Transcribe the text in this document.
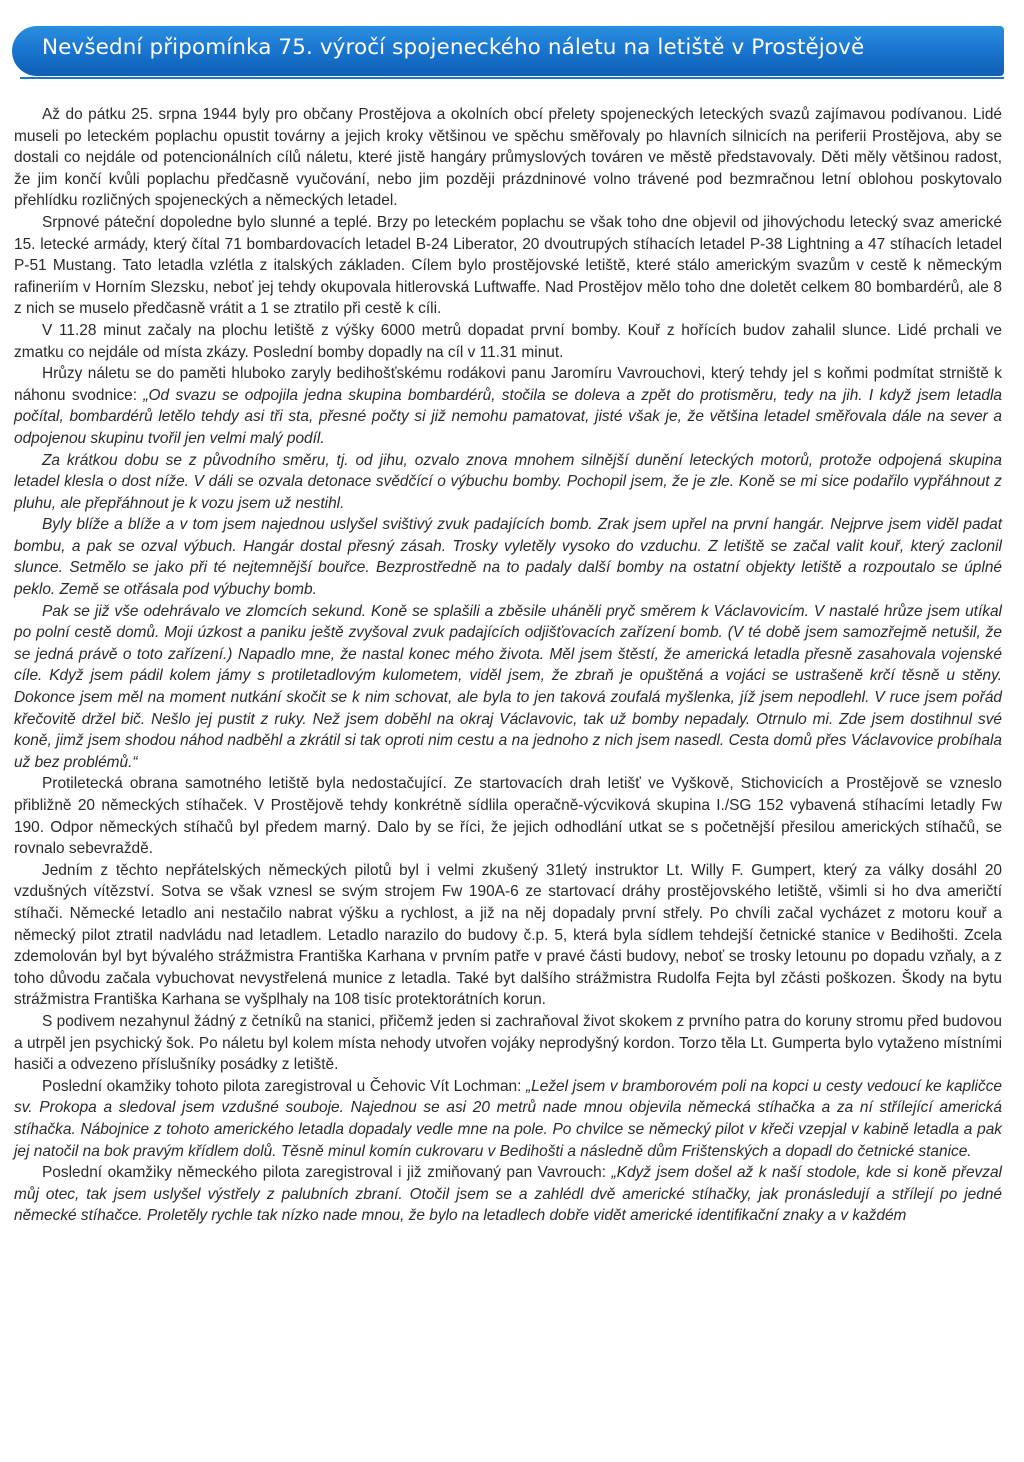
Nevšední připomínka 75. výročí spojeneckého náletu na letiště v Prostějově

Až do pátku 25. srpna 1944 byly pro občany Prostějova a okolních obcí přelety spojeneckých leteckých svazů zajímavou podívanou. Lidé museli po leteckém poplachu opustit továrny a jejich kroky většinou ve spěchu směřovaly po hlavních silnicích na periferii Prostějova, aby se dostali co nejdále od potencionálních cílů náletu, které jistě hangáry průmyslových továren ve městě představovaly. Děti měly většinou radost, že jim končí kvůli poplachu předčasně vyučování, nebo jim později prázdninové volno trávené pod bezmračnou letní oblohou poskytovalo přehlídku rozličných spojeneckých a německých letadel.

Srpnové páteční dopoledne bylo slunné a teplé. Brzy po leteckém poplachu se však toho dne objevil od jihovýchodu letecký svaz americké 15. letecké armády, který čítal 71 bombardovacích letadel B-24 Liberator, 20 dvoutrupých stíhacích letadel P-38 Lightning a 47 stíhacích letadel P-51 Mustang. Tato letadla vzlétla z italských základen. Cílem bylo prostějovské letiště, které stálo americkým svazům v cestě k německým rafineriím v Horním Slezsku, neboť jej tehdy okupovala hitlerovská Luftwaffe. Nad Prostějov mělo toho dne doletět celkem 80 bombardérů, ale 8 z nich se muselo předčasně vrátit a 1 se ztratilo při cestě k cíli.

V 11.28 minut začaly na plochu letiště z výšky 6000 metrů dopadat první bomby. Kouř z hořících budov zahalil slunce. Lidé prchali ve zmatku co nejdále od místa zkázy. Poslední bomby dopadly na cíl v 11.31 minut.

Hrůzy náletu se do paměti hluboko zaryly bedihošťskému rodákovi panu Jaromíru Vavrouchovi, který tehdy jel s koňmi podmítat strniště k náhonu svodnice: „Od svazu se odpojila jedna skupina bombardérů, stočila se doleva a zpět do protisměru, tedy na jih. I když jsem letadla počítal, bombardérů letělo tehdy asi tři sta, přesné počty si již nemohu pamatovat, jisté však je, že většina letadel směřovala dále na sever a odpojenou skupinu tvořil jen velmi malý podíl.

Za krátkou dobu se z původního směru, tj. od jihu, ozvalo znova mnohem silnější dunění leteckých motorů, protože odpojená skupina letadel klesla o dost níže. V dáli se ozvala detonace svědčící o výbuchu bomby. Pochopil jsem, že je zle. Koně se mi sice podařilo vypřáhnout z pluhu, ale přepřáhnout je k vozu jsem už nestihl.

Byly blíže a blíže a v tom jsem najednou uslyšel svištivý zvuk padajících bomb. Zrak jsem upřel na první hangár. Nejprve jsem viděl padat bombu, a pak se ozval výbuch. Hangár dostal přesný zásah. Trosky vyletěly vysoko do vzduchu. Z letiště se začal valit kouř, který zaclonil slunce. Setmělo se jako při té nejtemnější bouřce. Bezprostředně na to padaly další bomby na ostatní objekty letiště a rozpoutalo se úplné peklo. Země se otřásala pod výbuchy bomb.

Pak se již vše odehrávalo ve zlomcích sekund. Koně se splašili a zběsile uháněli pryč směrem k Václavovicím. V nastalé hrůze jsem utíkal po polní cestě domů. Moji úzkost a paniku ještě zvyšoval zvuk padajících odjišťovacích zařízení bomb. (V té době jsem samozřejmě netušil, že se jedná právě o toto zařízení.) Napadlo mne, že nastal konec mého života. Měl jsem štěstí, že americká letadla přesně zasahovala vojenské cíle. Když jsem pádil kolem jámy s protiletadlovým kulometem, viděl jsem, že zbraň je opuštěná a vojáci se ustrašeně krčí těsně u stěny. Dokonce jsem měl na moment nutkání skočit se k nim schovat, ale byla to jen taková zoufalá myšlenka, jíž jsem nepodlehl. V ruce jsem pořád křečovitě držel bič. Nešlo jej pustit z ruky. Než jsem doběhl na okraj Václavovic, tak už bomby nepadaly. Otrnulo mi. Zde jsem dostihnul své koně, jimž jsem shodou náhod nadběhl a zkrátil si tak oproti nim cestu a na jednoho z nich jsem nasedl. Cesta domů přes Václavovice probíhala už bez problémů.“

Protiletecká obrana samotného letiště byla nedostačující. Ze startovacích drah letišť ve Vyškově, Stichovicích a Prostějově se vzneslo přibližně 20 německých stíhaček. V Prostějově tehdy konkrétně sídlila operačně-výcviková skupina I./SG 152 vybavená stíhacími letadly Fw 190. Odpor německých stíhačů byl předem marný. Dalo by se říci, že jejich odhodlání utkat se s početnější přesilou amerických stíhačů, se rovnalo sebevraždě.

Jedním z těchto nepřátelských německých pilotů byl i velmi zkušený 31letý instruktor Lt. Willy F. Gumpert, který za války dosáhl 20 vzdušných vítězství. Sotva se však vznesl se svým strojem Fw 190A-6 ze startovací dráhy prostějovského letiště, všimli si ho dva američtí stíhači. Německé letadlo ani nestačilo nabrat výšku a rychlost, a již na něj dopadaly první střely. Po chvíli začal vycházet z motoru kouř a německý pilot ztratil nadvládu nad letadlem. Letadlo narazilo do budovy č.p. 5, která byla sídlem tehdejší četnické stanice v Bedihošti. Zcela zdemolován byl byt bývalého strážmistra Františka Karhana v prvním patře v pravé části budovy, neboť se trosky letounu po dopadu vzňaly, a z toho důvodu začala vybuchovat nevystřelená munice z letadla. Také byt dalšího strážmistra Rudolfa Fejta byl zčásti poškozen. Škody na bytu strážmistra Františka Karhana se vyšplhaly na 108 tisíc protektorátních korun.

S podivem nezahynul žádný z četníků na stanici, přičemž jeden si zachraňoval život skokem z prvního patra do koruny stromu před budovou a utrpěl jen psychický šok. Po náletu byl kolem místa nehody utvořen vojáky neprodyšný kordon. Torzo těla Lt. Gumperta bylo vytaženo místními hasiči a odvezeno příslušníky posádky z letiště.

Poslední okamžiky tohoto pilota zaregistroval u Čehovic Vít Lochman: „Ležel jsem v bramborovém poli na kopci u cesty vedoucí ke kapličce sv. Prokopa a sledoval jsem vzdušné souboje. Najednou se asi 20 metrů nade mnou objevila německá stíhačka a za ní střílející americká stíhačka. Nábojnice z tohoto amerického letadla dopadaly vedle mne na pole. Po chvilce se německý pilot v křeči vzepjal v kabině letadla a pak jej natočil na bok pravým křídlem dolů. Těsně minul komín cukrovaru v Bedihošti a následně dům Frištenských a dopadl do četnické stanice.

Poslední okamžiky německého pilota zaregistroval i již zmiňovaný pan Vavrouch: „Když jsem došel až k naší stodole, kde si koně převzal můj otec, tak jsem uslyšel výstřely z palubních zbraní. Otočil jsem se a zahlédl dvě americké stíhačky, jak pronásledují a střílejí po jedné německé stíhačce. Proletěly rychle tak nízko nade mnou, že bylo na letadlech dobře vidět americké identifikační znaky a v každém
